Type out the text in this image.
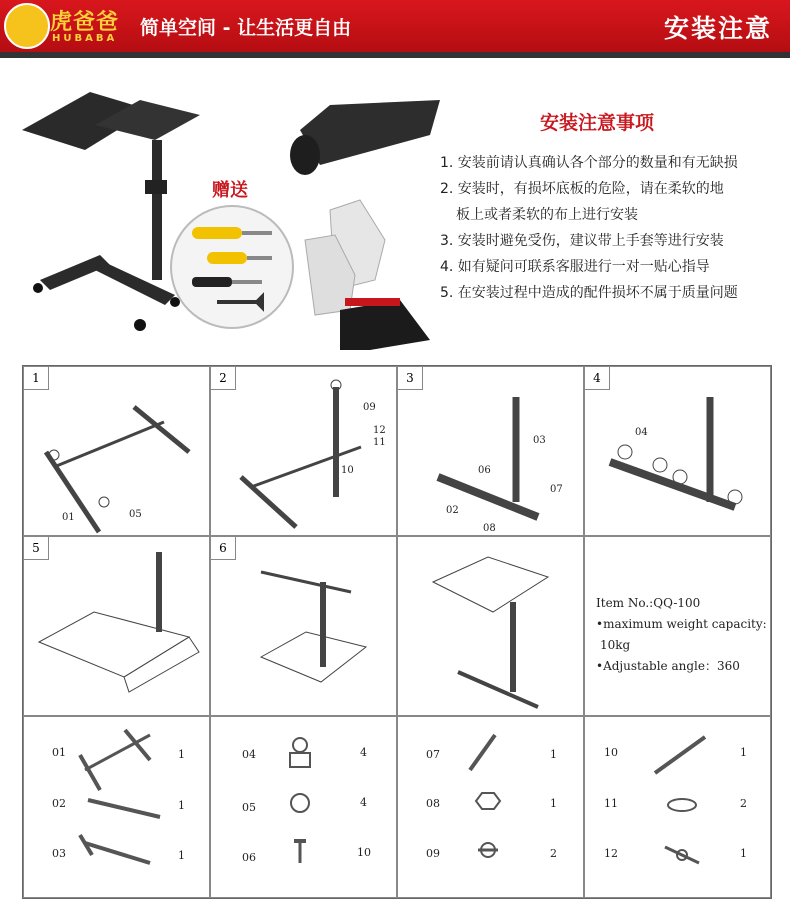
虎爸爸
HUBABA 简单空间 - 让生活更自由	安装注意
赠送
安装注意事项
1. 安装前请认真确认各个部分的数量和有无缺损
2. 安装时，有损坏底板的危险，请在柔软的地
板上或者柔软的布上进行安装
3. 安装时避免受伤，建议带上手套等进行安装
4. 如有疑问可联系客服进行一对一贴心指导
5. 在安装过程中造成的配件损坏不属于质量问题
1
01	05
2
09
12
11
10
3
03
06
07
02
08
4
04
5	6
Item No.:QQ-100
•maximum weight capacity:
10kg
•Adjustable angle：360
01	1
02	1
03	1
04	4
05	4
06	10
07	1
08	1
09	2
10	1
11	2
12	1
